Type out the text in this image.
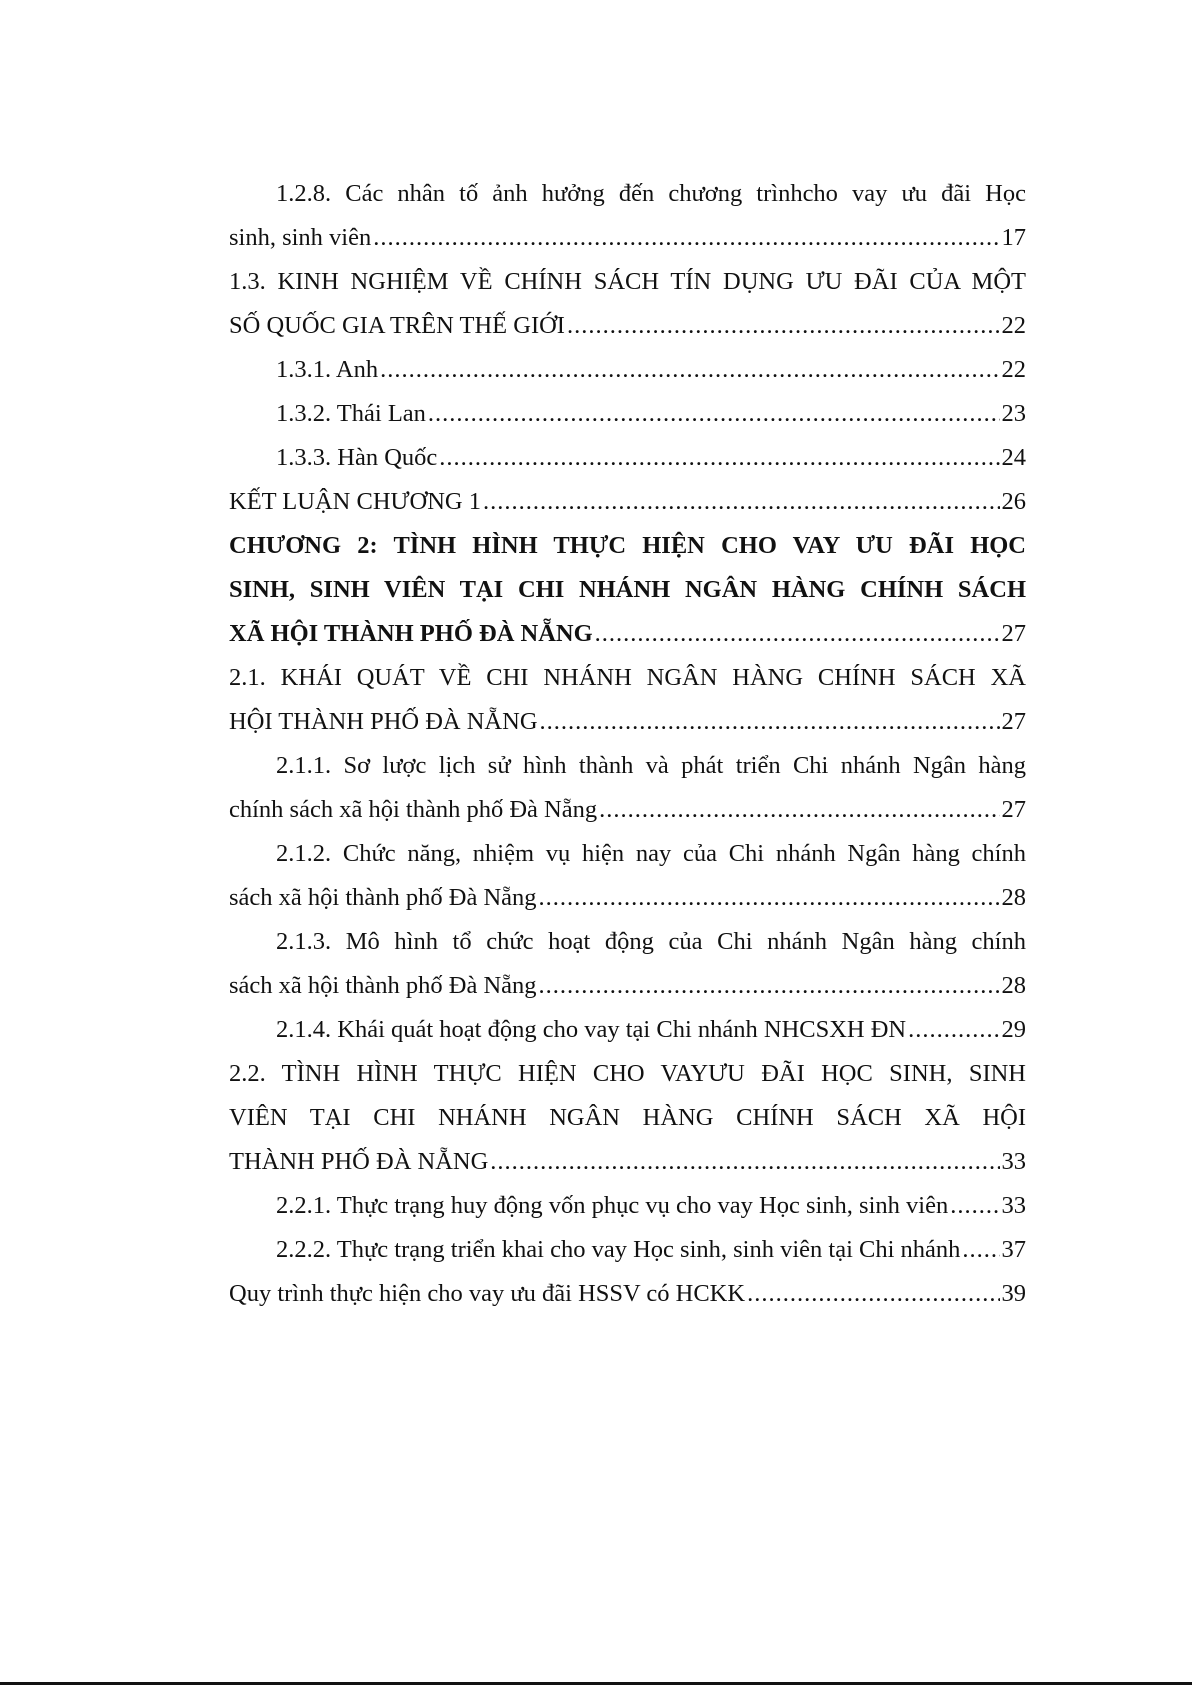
1.2.8. Các nhân tố ảnh hưởng đến chương trìnhcho vay ưu đãi Học
sinh, sinh viên .....	17
1.3. KINH NGHIỆM VỀ CHÍNH SÁCH TÍN DỤNG ƯU ĐÃI CỦA MỘT
SỐ QUỐC GIA TRÊN THẾ GIỚI .....	22
1.3.1. Anh .....	22
1.3.2. Thái Lan .....	23
1.3.3. Hàn Quốc .....	24
KẾT LUẬN CHƯƠNG 1 .....	26
CHƯƠNG 2: TÌNH HÌNH THỰC HIỆN CHO VAY ƯU ĐÃI HỌC
SINH, SINH VIÊN TẠI CHI NHÁNH NGÂN HÀNG CHÍNH SÁCH
XÃ HỘI THÀNH PHỐ ĐÀ NẴNG .....	27
2.1. KHÁI QUÁT VỀ CHI NHÁNH NGÂN HÀNG CHÍNH SÁCH XÃ
HỘI THÀNH PHỐ ĐÀ NẴNG .....	27
2.1.1. Sơ lược lịch sử hình thành và phát triển Chi nhánh Ngân hàng
chính sách xã hội thành phố Đà Nẵng .....	27
2.1.2. Chức năng, nhiệm vụ hiện nay của Chi nhánh Ngân hàng chính
sách xã hội thành phố Đà Nẵng .....	28
2.1.3. Mô hình tổ chức hoạt động của Chi nhánh Ngân hàng chính
sách xã hội thành phố Đà Nẵng .....	28
2.1.4. Khái quát hoạt động cho vay tại Chi nhánh NHCSXH ĐN .....	29
2.2. TÌNH HÌNH THỰC HIỆN CHO VAYƯU ĐÃI HỌC SINH, SINH
VIÊN TẠI CHI NHÁNH NGÂN HÀNG CHÍNH SÁCH XÃ HỘI
THÀNH PHỐ ĐÀ NẴNG .....	33
2.2.1. Thực trạng huy động vốn phục vụ cho vay Học sinh, sinh viên ..... 33
2.2.2. Thực trạng triển khai cho vay Học sinh, sinh viên tại Chi nhánh ..... 37
Quy trình thực hiện cho vay ưu đãi HSSV có HCKK .....	39
